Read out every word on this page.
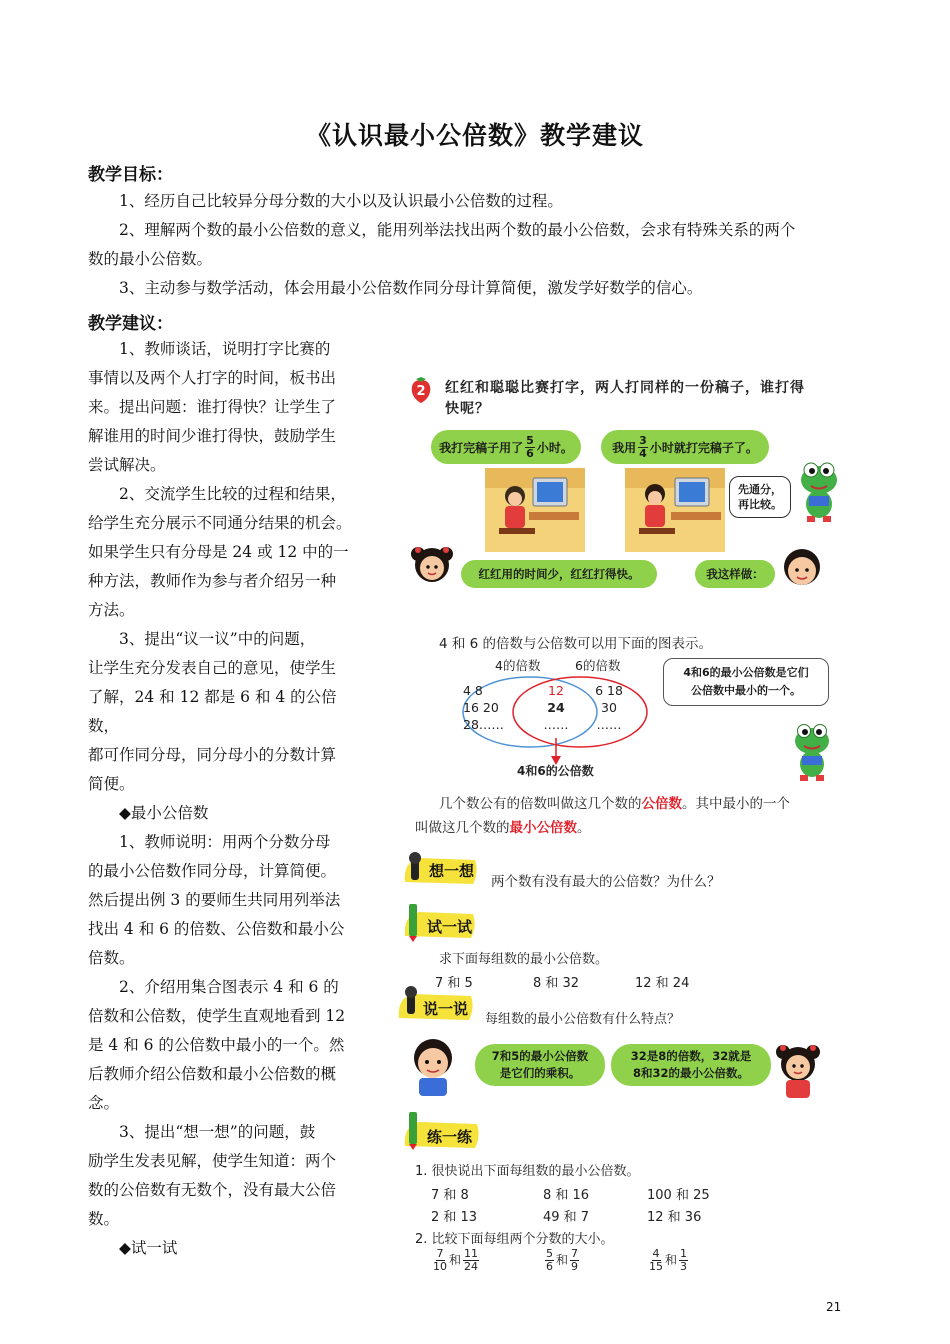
《认识最小公倍数》教学建议
教学目标：
1、经历自己比较异分母分数的大小以及认识最小公倍数的过程。
2、理解两个数的最小公倍数的意义，能用列举法找出两个数的最小公倍数，会求有特殊关系的两个
数的最小公倍数。
3、主动参与数学活动，体会用最小公倍数作同分母计算简便，激发学好数学的信心。
教学建议：

1、教师谈话，说明打字比赛的

事情以及两个人打字的时间，板书出

来。提出问题：谁打得快？让学生了

解谁用的时间少谁打得快，鼓励学生

尝试解决。

2、交流学生比较的过程和结果，

给学生充分展示不同通分结果的机会。

如果学生只有分母是 24 或 12 中的一

种方法，教师作为参与者介绍另一种

方法。

3、提出“议一议”中的问题，

让学生充分发表自己的意见，使学生

了解，24 和 12 都是 6 和 4 的公倍数，

都可作同分母，同分母小的分数计算

简便。

◆最小公倍数

1、教师说明：用两个分数分母

的最小公倍数作同分母，计算简便。

然后提出例 3 的要师生共同用列举法

找出 4 和 6 的倍数、公倍数和最小公

倍数。

2、介绍用集合图表示 4 和 6 的

倍数和公倍数，使学生直观地看到 12

是 4 和 6 的公倍数中最小的一个。然

后教师介绍公倍数和最小公倍数的概

念。

3、提出“想一想”的问题，鼓

励学生发表见解，使学生知道：两个

数的公倍数有无数个，没有最大公倍

数。

◆试一试

2	红红和聪聪比赛打字，两人打同样的一份稿子，谁打得
快呢？
我打完稿子用了 $\frac{5}{6}$ 小时。	我用 $\frac{3}{4}$ 小时就打完稿子了。
先通分，
再比较。
红红用的时间少，红红打得快。	我这样做：
4 和 6 的倍数与公倍数可以用下面的图表示。
4的倍数	6的倍数
4 8
16 20
28……
12
24
……
6 18
30
……
4和6的公倍数
4和6的最小公倍数是它们
公倍数中最小的一个。
几个数公有的倍数叫做这几个数的公倍数。其中最小的一个
叫做这几个数的最小公倍数。
想一想
两个数有没有最大的公倍数？为什么？
试一试
求下面每组数的最小公倍数。
7 和 5	8 和 32	12 和 24
说一说
每组数的最小公倍数有什么特点？
7和5的最小公倍数
是它们的乘积。
32是8的倍数，32就是
8和32的最小公倍数。
练一练
1. 很快说出下面每组数的最小公倍数。
7 和 8	8 和 16	100 和 25
2 和 13	49 和 7	12 和 36
2. 比较下面每组两个分数的大小。
$\frac{7}{10}$ 和 $\frac{11}{24}$	$\frac{5}{6}$ 和 $\frac{7}{9}$	$\frac{4}{15}$ 和 $\frac{1}{3}$
21
